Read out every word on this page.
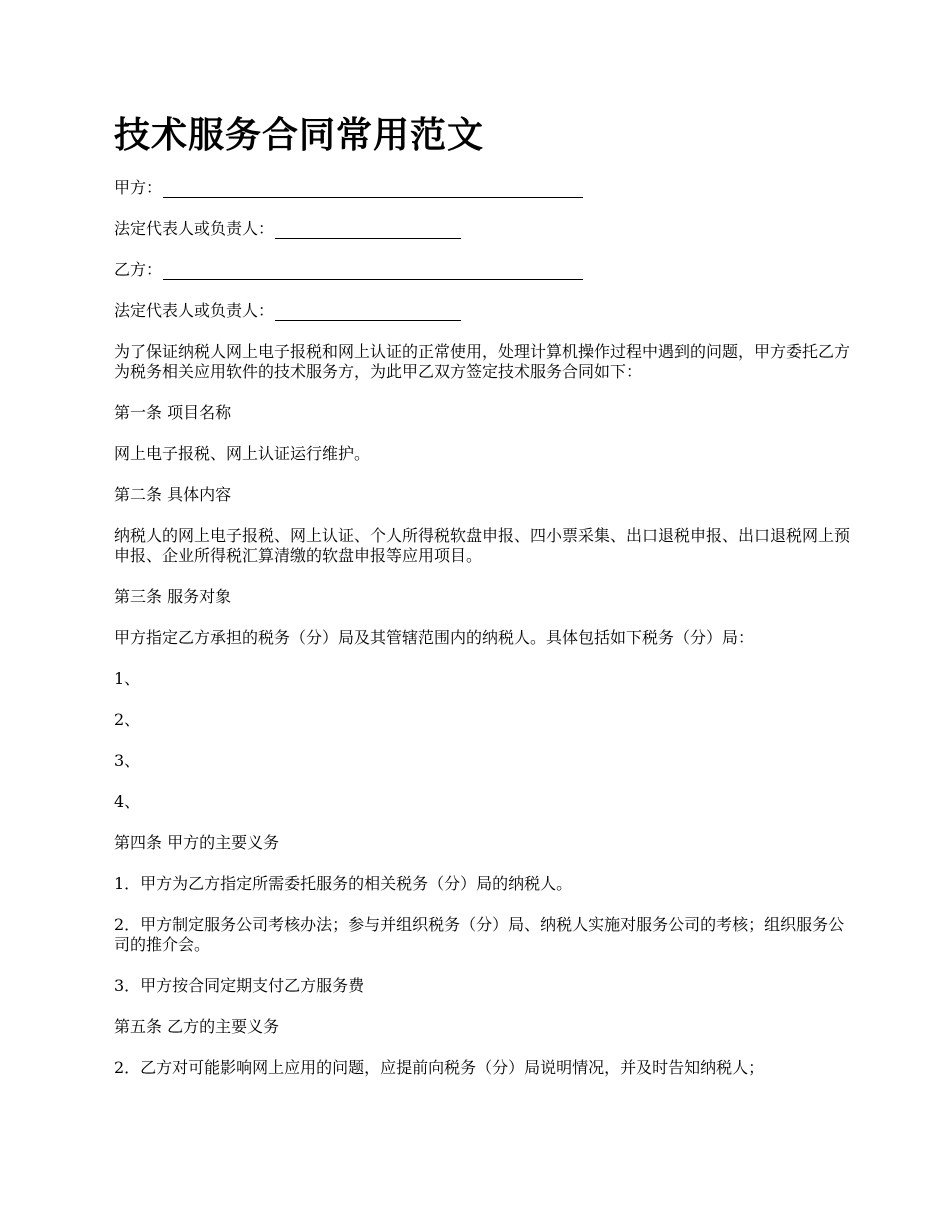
技术服务合同常用范文
甲方：
法定代表人或负责人：
乙方：
法定代表人或负责人：

为了保证纳税人网上电子报税和网上认证的正常使用，处理计算机操作过程中遇到的问题，甲方委托乙方为税务相关应用软件的技术服务方，为此甲乙双方签定技术服务合同如下：

第一条 项目名称

网上电子报税、网上认证运行维护。

第二条 具体内容

纳税人的网上电子报税、网上认证、个人所得税软盘申报、四小票采集、出口退税申报、出口退税网上预申报、企业所得税汇算清缴的软盘申报等应用项目。

第三条 服务对象

甲方指定乙方承担的税务（分）局及其管辖范围内的纳税人。具体包括如下税务（分）局：

1、

2、

3、

4、

第四条 甲方的主要义务

1．甲方为乙方指定所需委托服务的相关税务（分）局的纳税人。

2．甲方制定服务公司考核办法；参与并组织税务（分）局、纳税人实施对服务公司的考核；组织服务公司的推介会。

3．甲方按合同定期支付乙方服务费

第五条 乙方的主要义务

2．乙方对可能影响网上应用的问题，应提前向税务（分）局说明情况，并及时告知纳税人；
